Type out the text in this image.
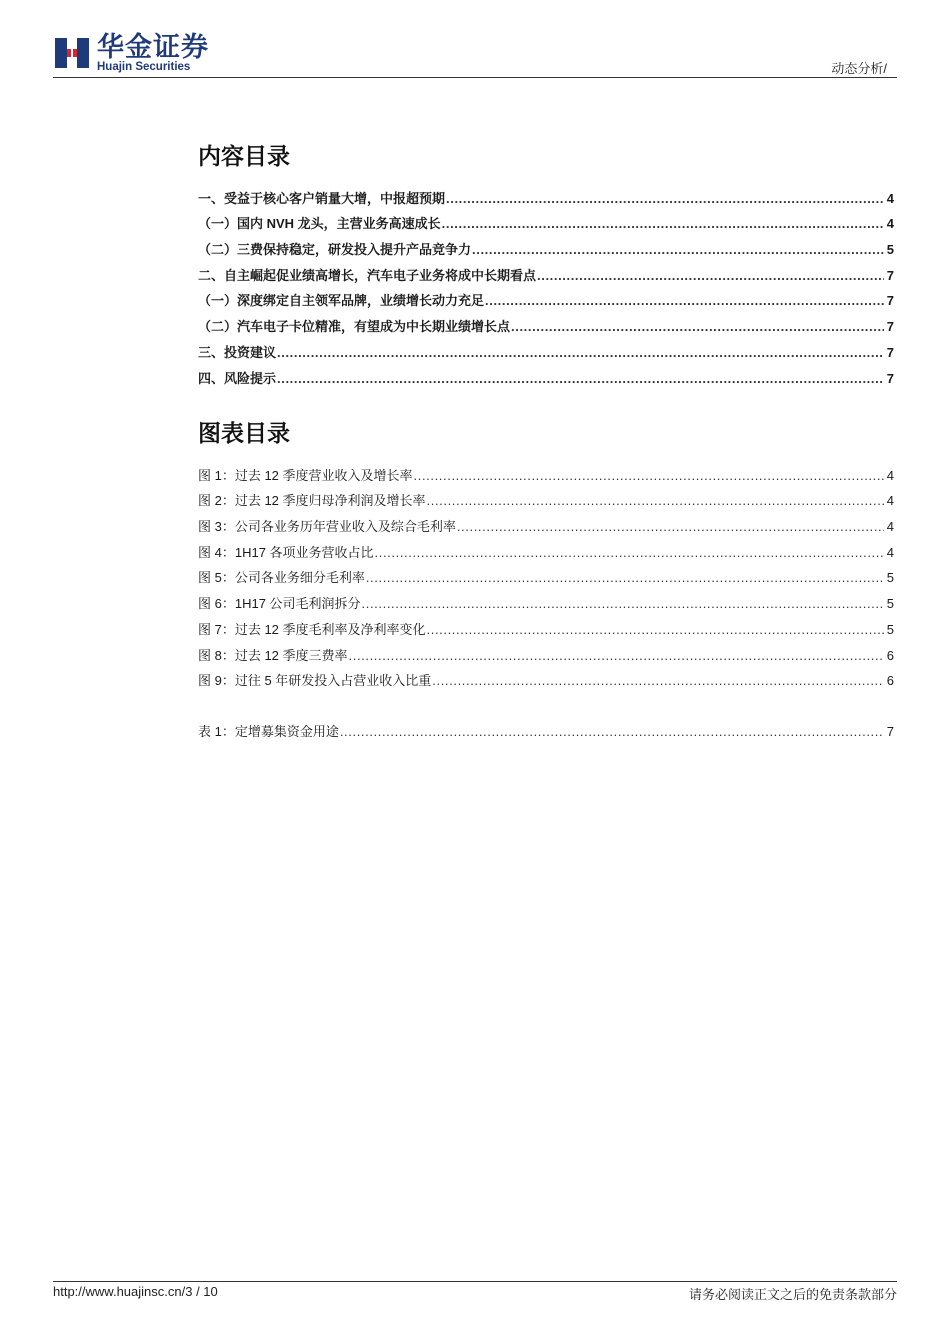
华金证券
Huajin Securities	动态分析/
内容目录
一、受益于核心客户销量大增，中报超预期 .....	4
（一）国内 NVH 龙头，主营业务高速成长 .....	4
（二）三费保持稳定，研发投入提升产品竞争力 .....	5
二、自主崛起促业绩高增长，汽车电子业务将成中长期看点 .....	7
（一）深度绑定自主领军品牌，业绩增长动力充足 .....	7
（二）汽车电子卡位精准，有望成为中长期业绩增长点 .....	7
三、投资建议 .....	7
四、风险提示 .....	7
图表目录
图 1：过去 12 季度营业收入及增长率 .....	4
图 2：过去 12 季度归母净利润及增长率 .....	4
图 3：公司各业务历年营业收入及综合毛利率 .....	4
图 4：1H17 各项业务营收占比 .....	4
图 5：公司各业务细分毛利率 .....	5
图 6：1H17 公司毛利润拆分 .....	5
图 7：过去 12 季度毛利率及净利率变化 .....	5
图 8：过去 12 季度三费率 .....	6
图 9：过往 5 年研发投入占营业收入比重 .....	6
表 1：定增募集资金用途 .....	7
http://www.huajinsc.cn/3 / 10	请务必阅读正文之后的免责条款部分
